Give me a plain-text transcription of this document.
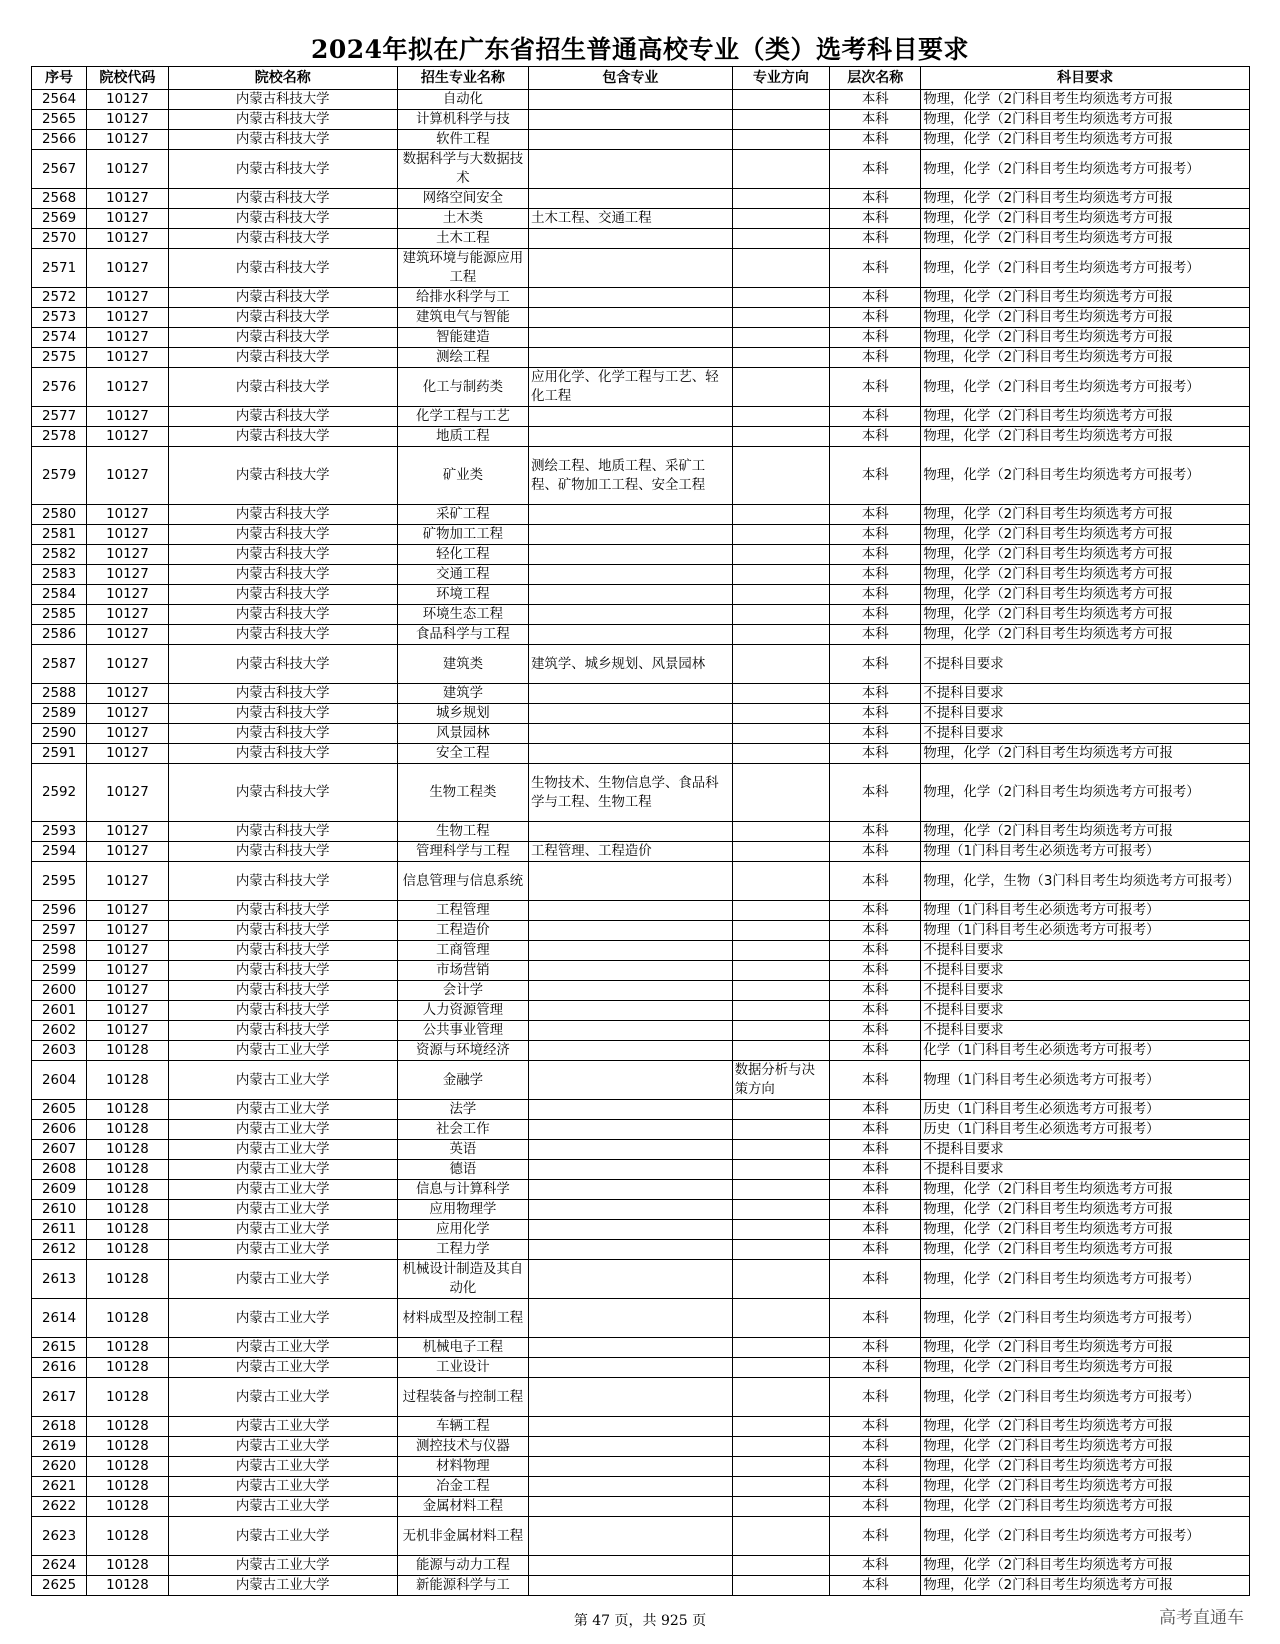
2024年拟在广东省招生普通高校专业（类）选考科目要求
序号	院校代码	院校名称	招生专业名称	包含专业	专业方向	层次名称	科目要求
2564	10127	内蒙古科技大学	自动化			本科	物理，化学（2门科目考生均须选考方可报
2565	10127	内蒙古科技大学	计算机科学与技			本科	物理，化学（2门科目考生均须选考方可报
2566	10127	内蒙古科技大学	软件工程			本科	物理，化学（2门科目考生均须选考方可报
2567	10127	内蒙古科技大学	数据科学与大数据技术			本科	物理，化学（2门科目考生均须选考方可报考）
2568	10127	内蒙古科技大学	网络空间安全			本科	物理，化学（2门科目考生均须选考方可报
2569	10127	内蒙古科技大学	土木类	土木工程、交通工程		本科	物理，化学（2门科目考生均须选考方可报
2570	10127	内蒙古科技大学	土木工程			本科	物理，化学（2门科目考生均须选考方可报
2571	10127	内蒙古科技大学	建筑环境与能源应用工程			本科	物理，化学（2门科目考生均须选考方可报考）
2572	10127	内蒙古科技大学	给排水科学与工			本科	物理，化学（2门科目考生均须选考方可报
2573	10127	内蒙古科技大学	建筑电气与智能			本科	物理，化学（2门科目考生均须选考方可报
2574	10127	内蒙古科技大学	智能建造			本科	物理，化学（2门科目考生均须选考方可报
2575	10127	内蒙古科技大学	测绘工程			本科	物理，化学（2门科目考生均须选考方可报
2576	10127	内蒙古科技大学	化工与制药类	应用化学、化学工程与工艺、轻化工程		本科	物理，化学（2门科目考生均须选考方可报考）
2577	10127	内蒙古科技大学	化学工程与工艺			本科	物理，化学（2门科目考生均须选考方可报
2578	10127	内蒙古科技大学	地质工程			本科	物理，化学（2门科目考生均须选考方可报
2579	10127	内蒙古科技大学	矿业类	测绘工程、地质工程、采矿工程、矿物加工工程、安全工程		本科	物理，化学（2门科目考生均须选考方可报考）
2580	10127	内蒙古科技大学	采矿工程			本科	物理，化学（2门科目考生均须选考方可报
2581	10127	内蒙古科技大学	矿物加工工程			本科	物理，化学（2门科目考生均须选考方可报
2582	10127	内蒙古科技大学	轻化工程			本科	物理，化学（2门科目考生均须选考方可报
2583	10127	内蒙古科技大学	交通工程			本科	物理，化学（2门科目考生均须选考方可报
2584	10127	内蒙古科技大学	环境工程			本科	物理，化学（2门科目考生均须选考方可报
2585	10127	内蒙古科技大学	环境生态工程			本科	物理，化学（2门科目考生均须选考方可报
2586	10127	内蒙古科技大学	食品科学与工程			本科	物理，化学（2门科目考生均须选考方可报
2587	10127	内蒙古科技大学	建筑类	建筑学、城乡规划、风景园林		本科	不提科目要求
2588	10127	内蒙古科技大学	建筑学			本科	不提科目要求
2589	10127	内蒙古科技大学	城乡规划			本科	不提科目要求
2590	10127	内蒙古科技大学	风景园林			本科	不提科目要求
2591	10127	内蒙古科技大学	安全工程			本科	物理，化学（2门科目考生均须选考方可报
2592	10127	内蒙古科技大学	生物工程类	生物技术、生物信息学、食品科学与工程、生物工程		本科	物理，化学（2门科目考生均须选考方可报考）
2593	10127	内蒙古科技大学	生物工程			本科	物理，化学（2门科目考生均须选考方可报
2594	10127	内蒙古科技大学	管理科学与工程	工程管理、工程造价		本科	物理（1门科目考生必须选考方可报考）
2595	10127	内蒙古科技大学	信息管理与信息系统			本科	物理，化学，生物（3门科目考生均须选考方可报考）
2596	10127	内蒙古科技大学	工程管理			本科	物理（1门科目考生必须选考方可报考）
2597	10127	内蒙古科技大学	工程造价			本科	物理（1门科目考生必须选考方可报考）
2598	10127	内蒙古科技大学	工商管理			本科	不提科目要求
2599	10127	内蒙古科技大学	市场营销			本科	不提科目要求
2600	10127	内蒙古科技大学	会计学			本科	不提科目要求
2601	10127	内蒙古科技大学	人力资源管理			本科	不提科目要求
2602	10127	内蒙古科技大学	公共事业管理			本科	不提科目要求
2603	10128	内蒙古工业大学	资源与环境经济			本科	化学（1门科目考生必须选考方可报考）
2604	10128	内蒙古工业大学	金融学		数据分析与决策方向	本科	物理（1门科目考生必须选考方可报考）
2605	10128	内蒙古工业大学	法学			本科	历史（1门科目考生必须选考方可报考）
2606	10128	内蒙古工业大学	社会工作			本科	历史（1门科目考生必须选考方可报考）
2607	10128	内蒙古工业大学	英语			本科	不提科目要求
2608	10128	内蒙古工业大学	德语			本科	不提科目要求
2609	10128	内蒙古工业大学	信息与计算科学			本科	物理，化学（2门科目考生均须选考方可报
2610	10128	内蒙古工业大学	应用物理学			本科	物理，化学（2门科目考生均须选考方可报
2611	10128	内蒙古工业大学	应用化学			本科	物理，化学（2门科目考生均须选考方可报
2612	10128	内蒙古工业大学	工程力学			本科	物理，化学（2门科目考生均须选考方可报
2613	10128	内蒙古工业大学	机械设计制造及其自动化			本科	物理，化学（2门科目考生均须选考方可报考）
2614	10128	内蒙古工业大学	材料成型及控制工程			本科	物理，化学（2门科目考生均须选考方可报考）
2615	10128	内蒙古工业大学	机械电子工程			本科	物理，化学（2门科目考生均须选考方可报
2616	10128	内蒙古工业大学	工业设计			本科	物理，化学（2门科目考生均须选考方可报
2617	10128	内蒙古工业大学	过程装备与控制工程			本科	物理，化学（2门科目考生均须选考方可报考）
2618	10128	内蒙古工业大学	车辆工程			本科	物理，化学（2门科目考生均须选考方可报
2619	10128	内蒙古工业大学	测控技术与仪器			本科	物理，化学（2门科目考生均须选考方可报
2620	10128	内蒙古工业大学	材料物理			本科	物理，化学（2门科目考生均须选考方可报
2621	10128	内蒙古工业大学	冶金工程			本科	物理，化学（2门科目考生均须选考方可报
2622	10128	内蒙古工业大学	金属材料工程			本科	物理，化学（2门科目考生均须选考方可报
2623	10128	内蒙古工业大学	无机非金属材料工程			本科	物理，化学（2门科目考生均须选考方可报考）
2624	10128	内蒙古工业大学	能源与动力工程			本科	物理，化学（2门科目考生均须选考方可报
2625	10128	内蒙古工业大学	新能源科学与工			本科	物理，化学（2门科目考生均须选考方可报
第 47 页，共 925 页	高考直通车
